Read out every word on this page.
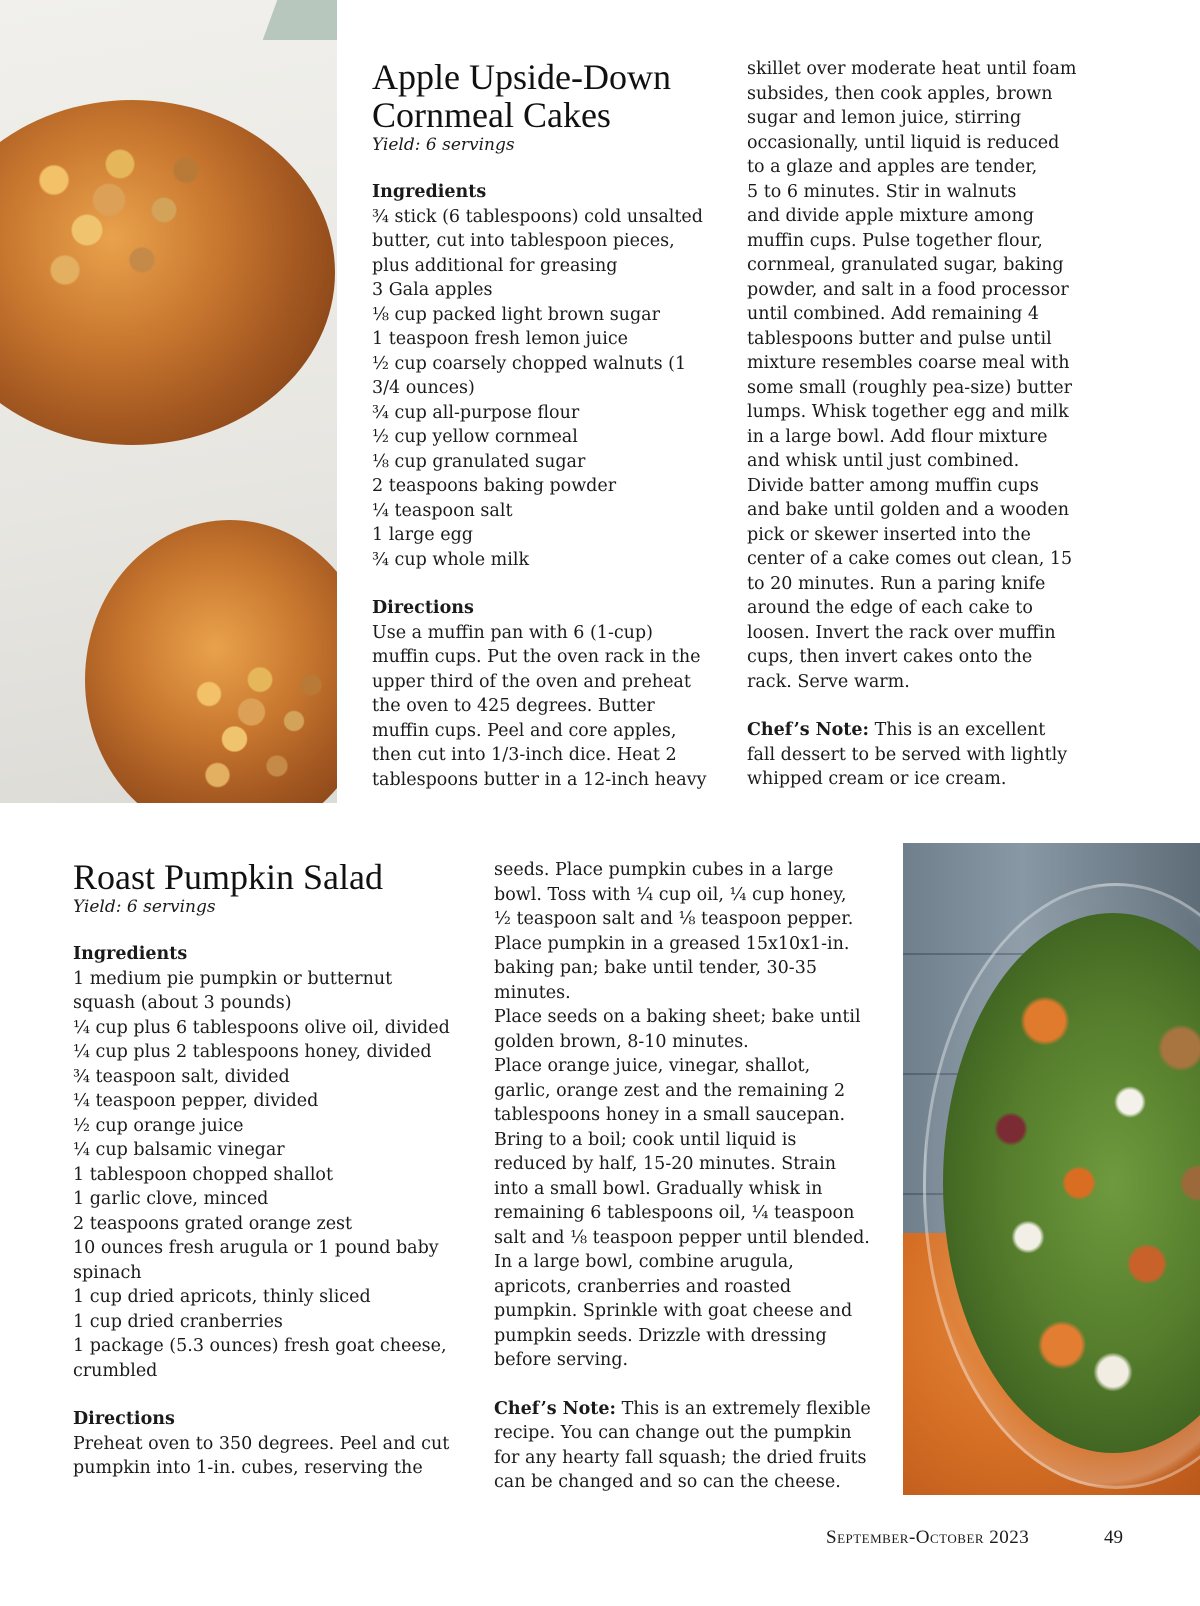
Apple Upside-Down
Cornmeal Cakes

Yield: 6 servings

Ingredients

¾ stick (6 tablespoons) cold unsalted
butter, cut into tablespoon pieces,
plus additional for greasing
3 Gala apples
⅛ cup packed light brown sugar
1 teaspoon fresh lemon juice
½ cup coarsely chopped walnuts (1
3/4 ounces)
¾ cup all-purpose flour
½ cup yellow cornmeal
⅛ cup granulated sugar
2 teaspoons baking powder
¼ teaspoon salt
1 large egg
¾ cup whole milk

Directions

Use a muffin pan with 6 (1-cup)
muffin cups. Put the oven rack in the
upper third of the oven and preheat
the oven to 425 degrees. Butter
muffin cups. Peel and core apples,
then cut into 1/3-inch dice. Heat 2
tablespoons butter in a 12-inch heavy
skillet over moderate heat until foam
subsides, then cook apples, brown
sugar and lemon juice, stirring
occasionally, until liquid is reduced
to a glaze and apples are tender,
5 to 6 minutes. Stir in walnuts
and divide apple mixture among
muffin cups. Pulse together flour,
cornmeal, granulated sugar, baking
powder, and salt in a food processor
until combined. Add remaining 4
tablespoons butter and pulse until
mixture resembles coarse meal with
some small (roughly pea-size) butter
lumps. Whisk together egg and milk
in a large bowl. Add flour mixture
and whisk until just combined.
Divide batter among muffin cups
and bake until golden and a wooden
pick or skewer inserted into the
center of a cake comes out clean, 15
to 20 minutes. Run a paring knife
around the edge of each cake to
loosen. Invert the rack over muffin
cups, then invert cakes onto the
rack. Serve warm.
Chef’s Note: This is an excellent
fall dessert to be served with lightly
whipped cream or ice cream.
Roast Pumpkin Salad

Yield: 6 servings

Ingredients

1 medium pie pumpkin or butternut
squash (about 3 pounds)
¼ cup plus 6 tablespoons olive oil, divided
¼ cup plus 2 tablespoons honey, divided
¾ teaspoon salt, divided
¼ teaspoon pepper, divided
½ cup orange juice
¼ cup balsamic vinegar
1 tablespoon chopped shallot
1 garlic clove, minced
2 teaspoons grated orange zest
10 ounces fresh arugula or 1 pound baby
spinach
1 cup dried apricots, thinly sliced
1 cup dried cranberries
1 package (5.3 ounces) fresh goat cheese,
crumbled

Directions

Preheat oven to 350 degrees. Peel and cut
pumpkin into 1-in. cubes, reserving the
seeds. Place pumpkin cubes in a large
bowl. Toss with ¼ cup oil, ¼ cup honey,
½ teaspoon salt and ⅛ teaspoon pepper.
Place pumpkin in a greased 15x10x1-in.
baking pan; bake until tender, 30-35
minutes.
Place seeds on a baking sheet; bake until
golden brown, 8-10 minutes.
Place orange juice, vinegar, shallot,
garlic, orange zest and the remaining 2
tablespoons honey in a small saucepan.
Bring to a boil; cook until liquid is
reduced by half, 15-20 minutes. Strain
into a small bowl. Gradually whisk in
remaining 6 tablespoons oil, ¼ teaspoon
salt and ⅛ teaspoon pepper until blended.
In a large bowl, combine arugula,
apricots, cranberries and roasted
pumpkin. Sprinkle with goat cheese and
pumpkin seeds. Drizzle with dressing
before serving.
Chef’s Note: This is an extremely flexible
recipe. You can change out the pumpkin
for any hearty fall squash; the dried fruits
can be changed and so can the cheese.
September-October 2023	49
